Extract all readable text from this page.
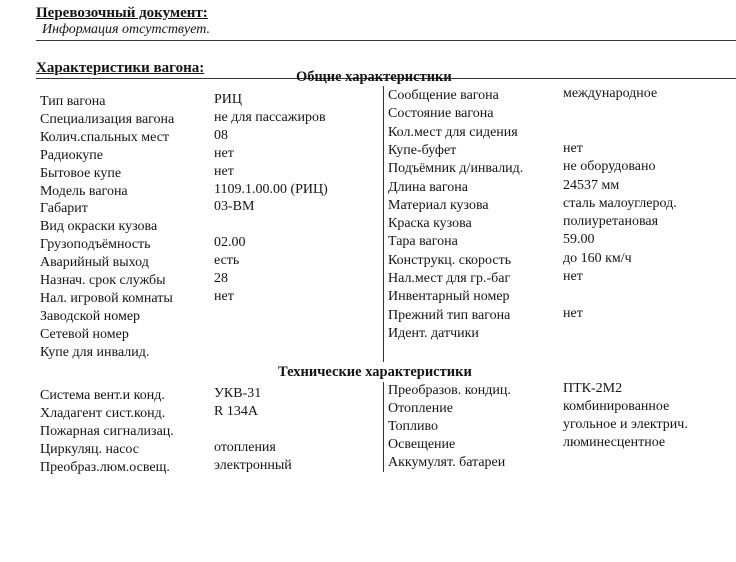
Перевозочный документ:
Информация отсутствует.
Характеристики вагона:
Общие характеристики
Тип вагона	РИЦ
Специализация вагона	не для пассажиров
Колич.спальных мест	08
Радиокупе	нет
Бытовое купе	нет
Модель вагона	1109.1.00.00 (РИЦ)
Габарит	03-ВМ
Вид окраски кузова
Грузоподъёмность	02.00
Аварийный выход	есть
Назнач. срок службы	28
Нал. игровой комнаты	нет
Заводской номер
Сетевой номер
Купе для инвалид.
Сообщение вагона	международное
Состояние вагона
Кол.мест для сидения
Купе-буфет	нет
Подъёмник д/инвалид.	не оборудовано
Длина вагона	24537 мм
Материал кузова	сталь малоуглерод.
Краска кузова	полиуретановая
Тара вагона	59.00
Конструкц. скорость	до 160 км/ч
Нал.мест для гр.-баг	нет
Инвентарный номер
Прежний тип вагона	нет
Идент. датчики
Технические характеристики
Система вент.и конд.	УКВ-31
Хладагент сист.конд.	R 134A
Пожарная сигнализац.
Циркуляц. насос	отопления
Преобраз.люм.освещ.	электронный
Преобразов. кондиц.	ПТК-2М2
Отопление	комбинированное
Топливо	угольное и электрич.
Освещение	люминесцентное
Аккумулят. батареи
